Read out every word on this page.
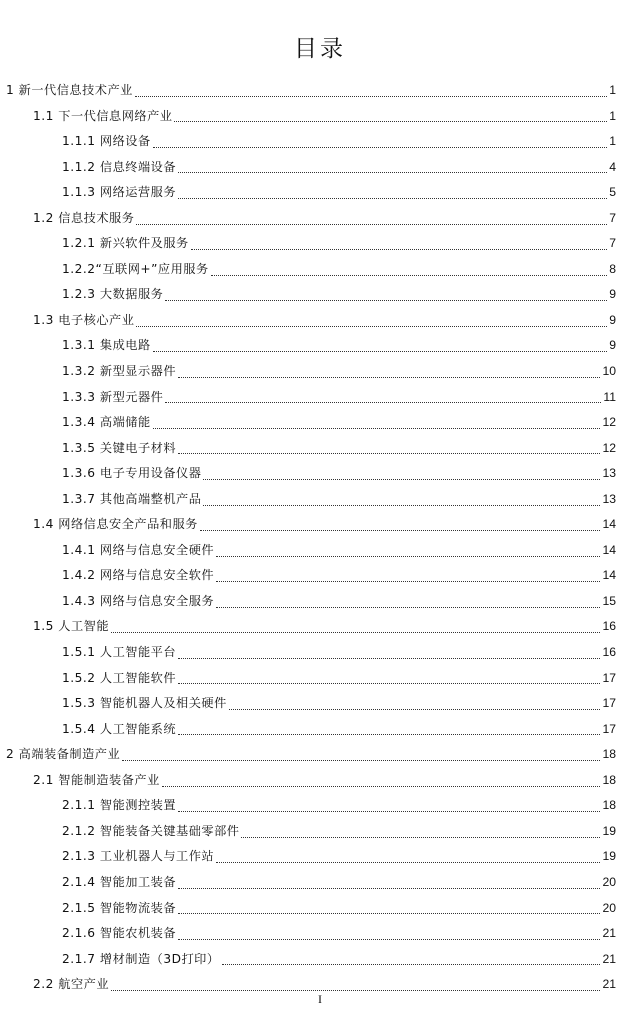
目录
1 新一代信息技术产业	1
1.1 下一代信息网络产业	1
1.1.1 网络设备	1
1.1.2 信息终端设备	4
1.1.3 网络运营服务	5
1.2 信息技术服务	7
1.2.1 新兴软件及服务	7
1.2.2“互联网+”应用服务	8
1.2.3 大数据服务	9
1.3 电子核心产业	9
1.3.1 集成电路	9
1.3.2 新型显示器件	10
1.3.3 新型元器件	11
1.3.4 高端储能	12
1.3.5 关键电子材料	12
1.3.6 电子专用设备仪器	13
1.3.7 其他高端整机产品	13
1.4 网络信息安全产品和服务	14
1.4.1 网络与信息安全硬件	14
1.4.2 网络与信息安全软件	14
1.4.3 网络与信息安全服务	15
1.5 人工智能	16
1.5.1 人工智能平台	16
1.5.2 人工智能软件	17
1.5.3 智能机器人及相关硬件	17
1.5.4 人工智能系统	17
2 高端装备制造产业	18
2.1 智能制造装备产业	18
2.1.1 智能测控装置	18
2.1.2 智能装备关键基础零部件	19
2.1.3 工业机器人与工作站	19
2.1.4 智能加工装备	20
2.1.5 智能物流装备	20
2.1.6 智能农机装备	21
2.1.7 增材制造（3D打印）	21
2.2 航空产业	21
I
